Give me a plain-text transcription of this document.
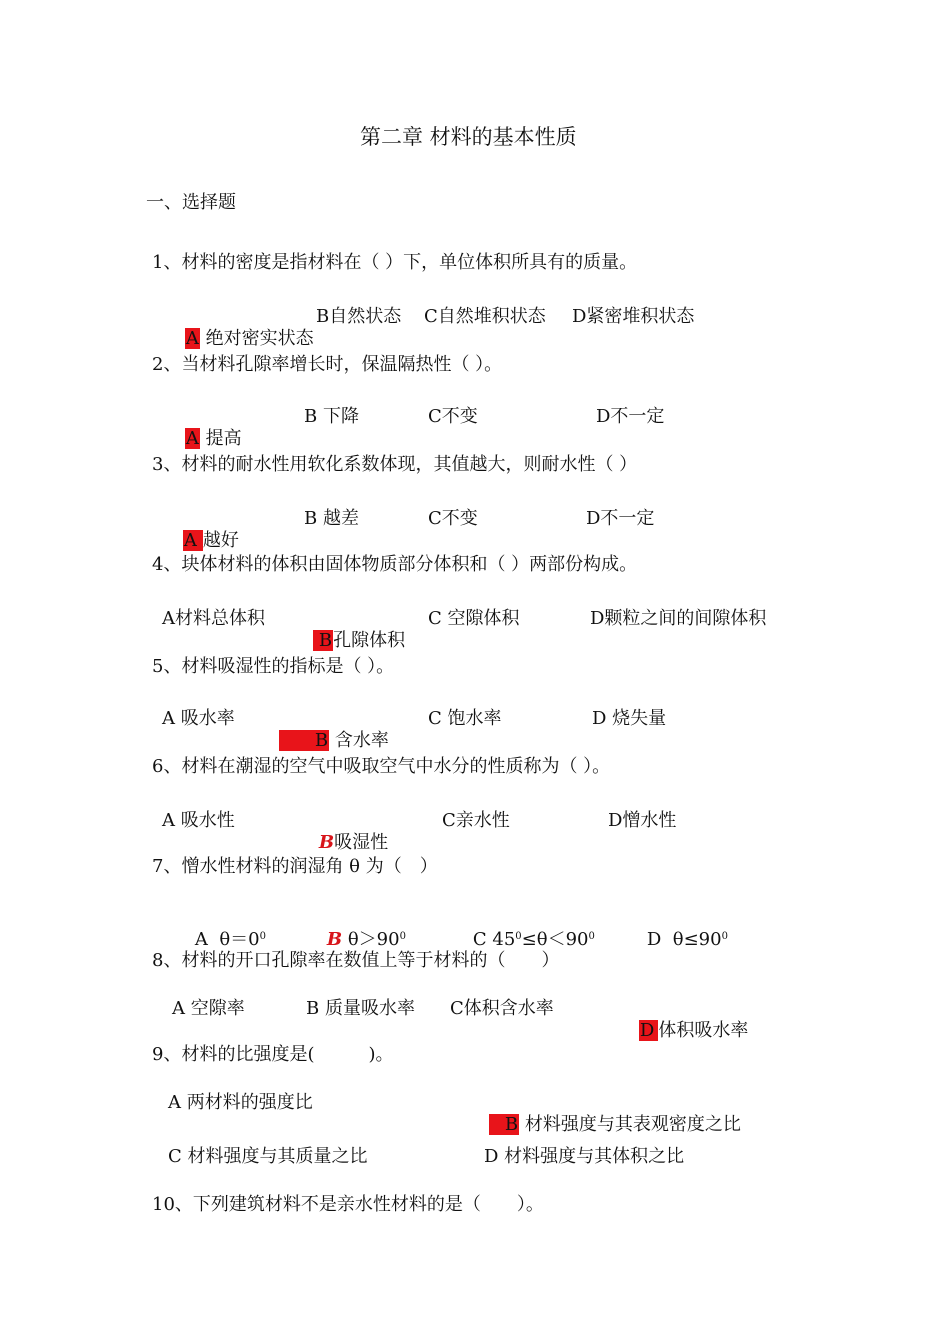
第二章 材料的基本性质
一、选择题
1、材料的密度是指材料在（ ）下，单位体积所具有的质量。

A 绝对密实状态

B自然状态 C自然堆积状态 D紧密堆积状态
2、当材料孔隙率增长时，保温隔热性（ ）。

A 提高

B 下降	C不变	D不一定
3、材料的耐水性用软化系数体现，其值越大，则耐水性（ ）

A 越好

B 越差	C不变	D不一定
4、块体材料的体积由固体物质部分体积和（ ）两部份构成。
A材料总体积

B孔隙体积

C 空隙体积	D颗粒之间的间隙体积
5、材料吸湿性的指标是（ ）。
A 吸水率

B 含水率

C 饱水率	D 烧失量
6、材料在潮湿的空气中吸取空气中水分的性质称为（ ）。
A 吸水性

B吸湿性

C亲水性	D憎水性
7、憎水性材料的润湿角 θ 为（　）

A  $\theta=0^0$
	B $\theta>90^0$
	C $45^0\le\theta<90^0$
	D  $\theta\le 90^0$

8、材料的开口孔隙率在数值上等于材料的（　　）
A 空隙率	B 质量吸水率 C体积含水率

D 体积吸水率

9、材料的比强度是(　　　)。
A 两材料的强度比

B 材料强度与其表观密度之比

C 材料强度与其质量之比	D 材料强度与其体积之比
10、下列建筑材料不是亲水性材料的是（　　）。
